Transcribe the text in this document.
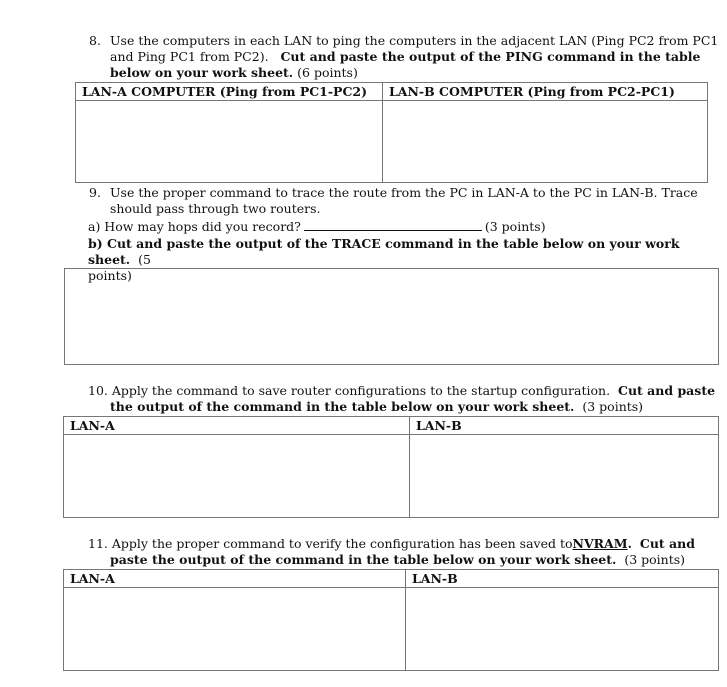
8. Use the computers in each LAN to ping the computers in the adjacent LAN (Ping PC2 from PC1
and Ping PC1 from PC2). Cut and paste the output of the PING command in the table
below on your work sheet. (6 points)
LAN-A COMPUTER (Ping from PC1-PC2)	LAN-B COMPUTER (Ping from PC2-PC1)

9. Use the proper command to trace the route from the PC in LAN-A to the PC in LAN-B. Trace
should pass through two routers.
a) How may hops did you record?	(3 points)
b) Cut and paste the output of the TRACE command in the table below on your work sheet. (5
points)
10. Apply the command to save router configurations to the startup configuration. Cut and paste
the output of the command in the table below on your work sheet. (3 points)
LAN-A	LAN-B

11. Apply the proper command to verify the configuration has been saved toNVRAM. Cut and
paste the output of the command in the table below on your work sheet. (3 points)
LAN-A	LAN-B
